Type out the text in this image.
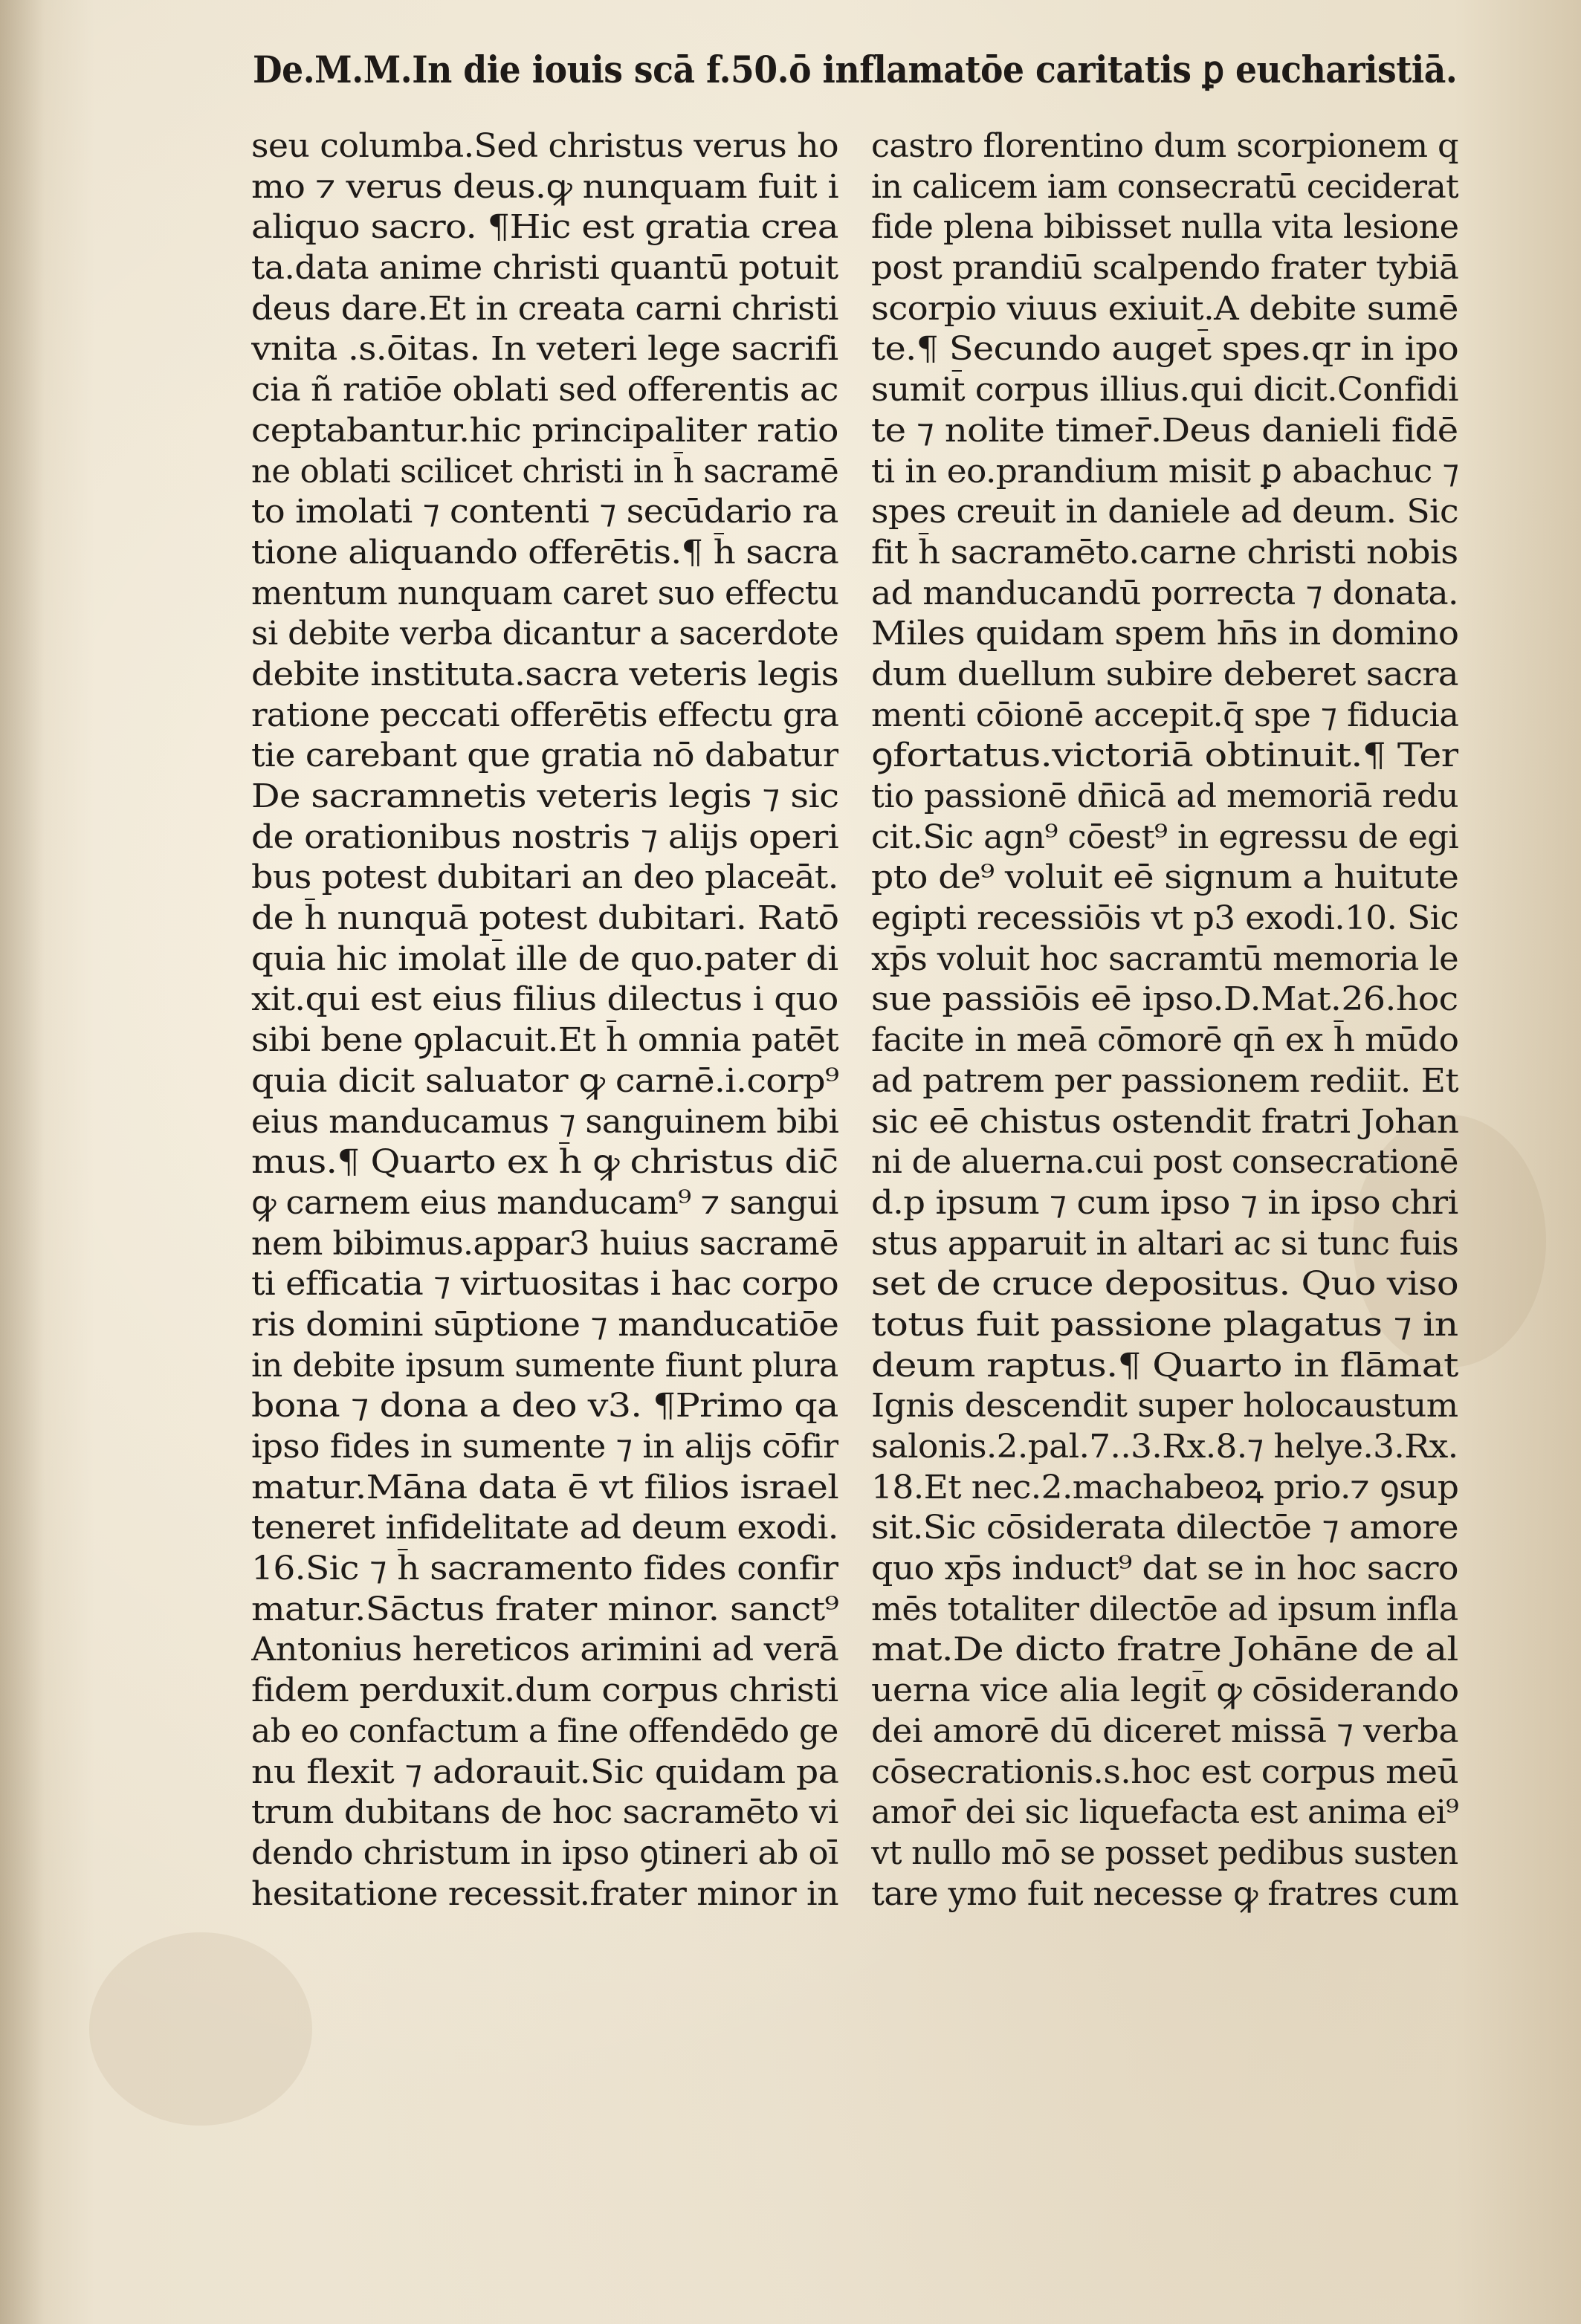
De.M.M.In die iouis scā f.50.ō inflamatōe caritatis ꝑ eucharistiā.
seu columba.Sed christus verus ho
mo ⁊ verus deus.ꝙ nunquam fuit i
aliquo sacro. ¶Hic est gratia crea
ta.data anime christi quantū potuit
deus dare.Et in creata carni christi
vnita .s.ōitas. In veteri lege sacrifi
cia ñ ratiōe oblati sed offerentis ac
ceptabantur.hic principaliter ratio
ne oblati scilicet christi in h̄ sacramē
to imolati ⁊ contenti ⁊ secūdario ra
tione aliquando offerētis.¶ h̄ sacra
mentum nunquam caret suo effectu
si debite verba dicantur a sacerdote
debite instituta.sacra veteris legis
ratione peccati offerētis effectu gra
tie carebant que gratia nō dabatur
De sacramnetis veteris legis ⁊ sic
de orationibus nostris ⁊ alijs operi
bus potest dubitari an deo placeāt.
de h̄ nunquā potest dubitari. Ratō
quia hic imolat̄ ille de quo.pater di
xit.qui est eius filius dilectus i quo
sibi bene ꝯplacuit.Et h̄ omnia patēt
quia dicit saluator ꝙ carnē.i.corp⁹
eius manducamus ⁊ sanguinem bibi
mus.¶ Quarto ex h̄ ꝙ christus dic̄
ꝙ carnem eius manducam⁹ ⁊ sangui
nem bibimus.appar3 huius sacramē
ti efficatia ⁊ virtuositas i hac corpo
ris domini sūptione ⁊ manducatiōe
in debite ipsum sumente fiunt plura
bona ⁊ dona a deo v3. ¶Primo qa
ipso fides in sumente ⁊ in alijs cōfir
matur.Māna data ē vt filios israel
teneret infidelitate ad deum exodi.
16.Sic ⁊ h̄ sacramento fides confir
matur.Sāctus frater minor. sanct⁹
Antonius hereticos arimini ad verā
fidem perduxit.dum corpus christi
ab eo confactum a fine offendēdo ge
nu flexit ⁊ adorauit.Sic quidam pa
trum dubitans de hoc sacramēto vi
dendo christum in ipso ꝯtineri ab oī
hesitatione recessit.frater minor in
castro florentino dum scorpionem q
in calicem iam consecratū ceciderat
fide plena bibisset nulla vita lesione
post prandiū scalpendo frater tybiā
scorpio viuus exiuit.A debite sumē
te.¶ Secundo auget̄ spes.qr in ipo
sumit̄ corpus illius.qui dicit.Confidi
te ⁊ nolite timer̄.Deus danieli fidē
ti in eo.prandium misit ꝑ abachuc ⁊
spes creuit in daniele ad deum. Sic
fit h̄ sacramēto.carne christi nobis
ad manducandū porrecta ⁊ donata.
Miles quidam spem hn̄s in domino
dum duellum subire deberet sacra
menti cōionē accepit.q̄ spe ⁊ fiducia
ꝯfortatus.victoriā obtinuit.¶ Ter
tio passionē dn̄icā ad memoriā redu
cit.Sic agn⁹ cōest⁹ in egressu de egi
pto de⁹ voluit eē signum a huitute
egipti recessiōis vt p3 exodi.10. Sic
xp̄s voluit hoc sacramtū memoria le
sue passiōis eē ipso.D.Mat.26.hoc
facite in meā cōmorē qn̄ ex h̄ mūdo
ad patrem per passionem rediit. Et
sic eē chistus ostendit fratri Johan
ni de aluerna.cui post consecrationē
d.p ipsum ⁊ cum ipso ⁊ in ipso chri
stus apparuit in altari ac si tunc fuis
set de cruce depositus. Quo viso
totus fuit passione plagatus ⁊ in
deum raptus.¶ Quarto in flāmat
Ignis descendit super holocaustum
salonis.2.pal.7..3.Rx.8.⁊ helye.3.Rx.
18.Et nec.2.machabeoꝝ prio.⁊ ꝯsup
sit.Sic cōsiderata dilectōe ⁊ amore
quo xp̄s induct⁹ dat se in hoc sacro
mēs totaliter dilectōe ad ipsum infla
mat.De dicto fratre Johāne de al
uerna vice alia legit̄ ꝙ cōsiderando
dei amorē dū diceret missā ⁊ verba
cōsecrationis.s.hoc est corpus meū
amor̄ dei sic liquefacta est anima ei⁹
vt nullo mō se posset pedibus susten
tare ymo fuit necesse ꝙ fratres cum
